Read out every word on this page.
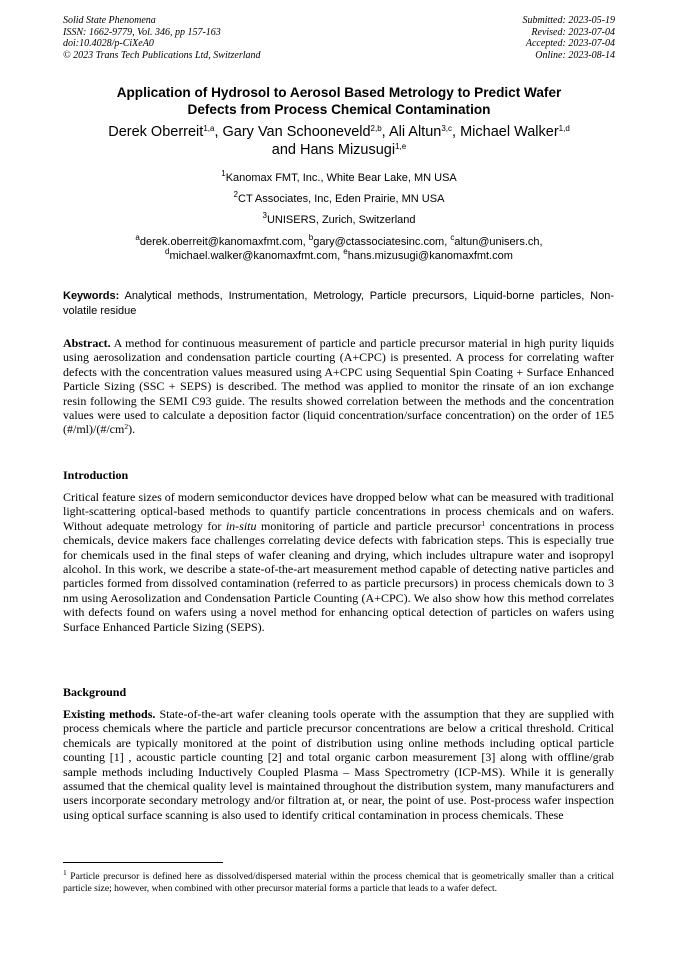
Solid State Phenomena
ISSN: 1662-9779, Vol. 346, pp 157-163
doi:10.4028/p-CiXeA0
© 2023 Trans Tech Publications Ltd, Switzerland
Submitted: 2023-05-19
Revised: 2023-07-04
Accepted: 2023-07-04
Online: 2023-08-14
Application of Hydrosol to Aerosol Based Metrology to Predict Wafer
Defects from Process Chemical Contamination
Derek Oberreit$^{1,a}$, Gary Van Schooneveld$^{2,b}$, Ali Altun$^{3,c}$, Michael Walker$^{1,d}$
and Hans Mizusugi$^{1,e}$
$^1$Kanomax FMT, Inc., White Bear Lake, MN USA
$^2$CT Associates, Inc, Eden Prairie, MN USA
$^3$UNISERS, Zurich, Switzerland
$^a$derek.oberreit@kanomaxfmt.com, $^b$gary@ctassociatesinc.com, $^c$altun@unisers.ch,
$^d$michael.walker@kanomaxfmt.com, $^e$hans.mizusugi@kanomaxfmt.com
Keywords: Analytical methods, Instrumentation, Metrology, Particle precursors, Liquid-borne particles, Non-volatile residue
Abstract. A method for continuous measurement of particle and particle precursor material in high purity liquids using aerosolization and condensation particle courting (A+CPC) is presented. A process for correlating wafter defects with the concentration values measured using A+CPC using Sequential Spin Coating + Surface Enhanced Particle Sizing (SSC + SEPS) is described. The method was applied to monitor the rinsate of an ion exchange resin following the SEMI C93 guide. The results showed correlation between the methods and the concentration values were used to calculate a deposition factor (liquid concentration/surface concentration) on the order of 1E5 $(\#/ml)/(\#/cm^2)$.
Introduction
Critical feature sizes of modern semiconductor devices have dropped below what can be measured with traditional light-scattering optical-based methods to quantify particle concentrations in process chemicals and on wafers. Without adequate metrology for in-situ monitoring of particle and particle precursor$^1$ concentrations in process chemicals, device makers face challenges correlating device defects with fabrication steps. This is especially true for chemicals used in the final steps of wafer cleaning and drying, which includes ultrapure water and isopropyl alcohol. In this work, we describe a state-of-the-art measurement method capable of detecting native particles and particles formed from dissolved contamination (referred to as particle precursors) in process chemicals down to 3 nm using Aerosolization and Condensation Particle Counting (A+CPC). We also show how this method correlates with defects found on wafers using a novel method for enhancing optical detection of particles on wafers using Surface Enhanced Particle Sizing (SEPS).
Background
Existing methods. State-of-the-art wafer cleaning tools operate with the assumption that they are supplied with process chemicals where the particle and particle precursor concentrations are below a critical threshold. Critical chemicals are typically monitored at the point of distribution using online methods including optical particle counting [1] , acoustic particle counting [2] and total organic carbon measurement [3] along with offline/grab sample methods including Inductively Coupled Plasma – Mass Spectrometry (ICP-MS). While it is generally assumed that the chemical quality level is maintained throughout the distribution system, many manufacturers and users incorporate secondary metrology and/or filtration at, or near, the point of use. Post-process wafer inspection using optical surface scanning is also used to identify critical contamination in process chemicals. These
$^1$ Particle precursor is defined here as dissolved/dispersed material within the process chemical that is geometrically smaller than a critical particle size; however, when combined with other precursor material forms a particle that leads to a wafer defect.
